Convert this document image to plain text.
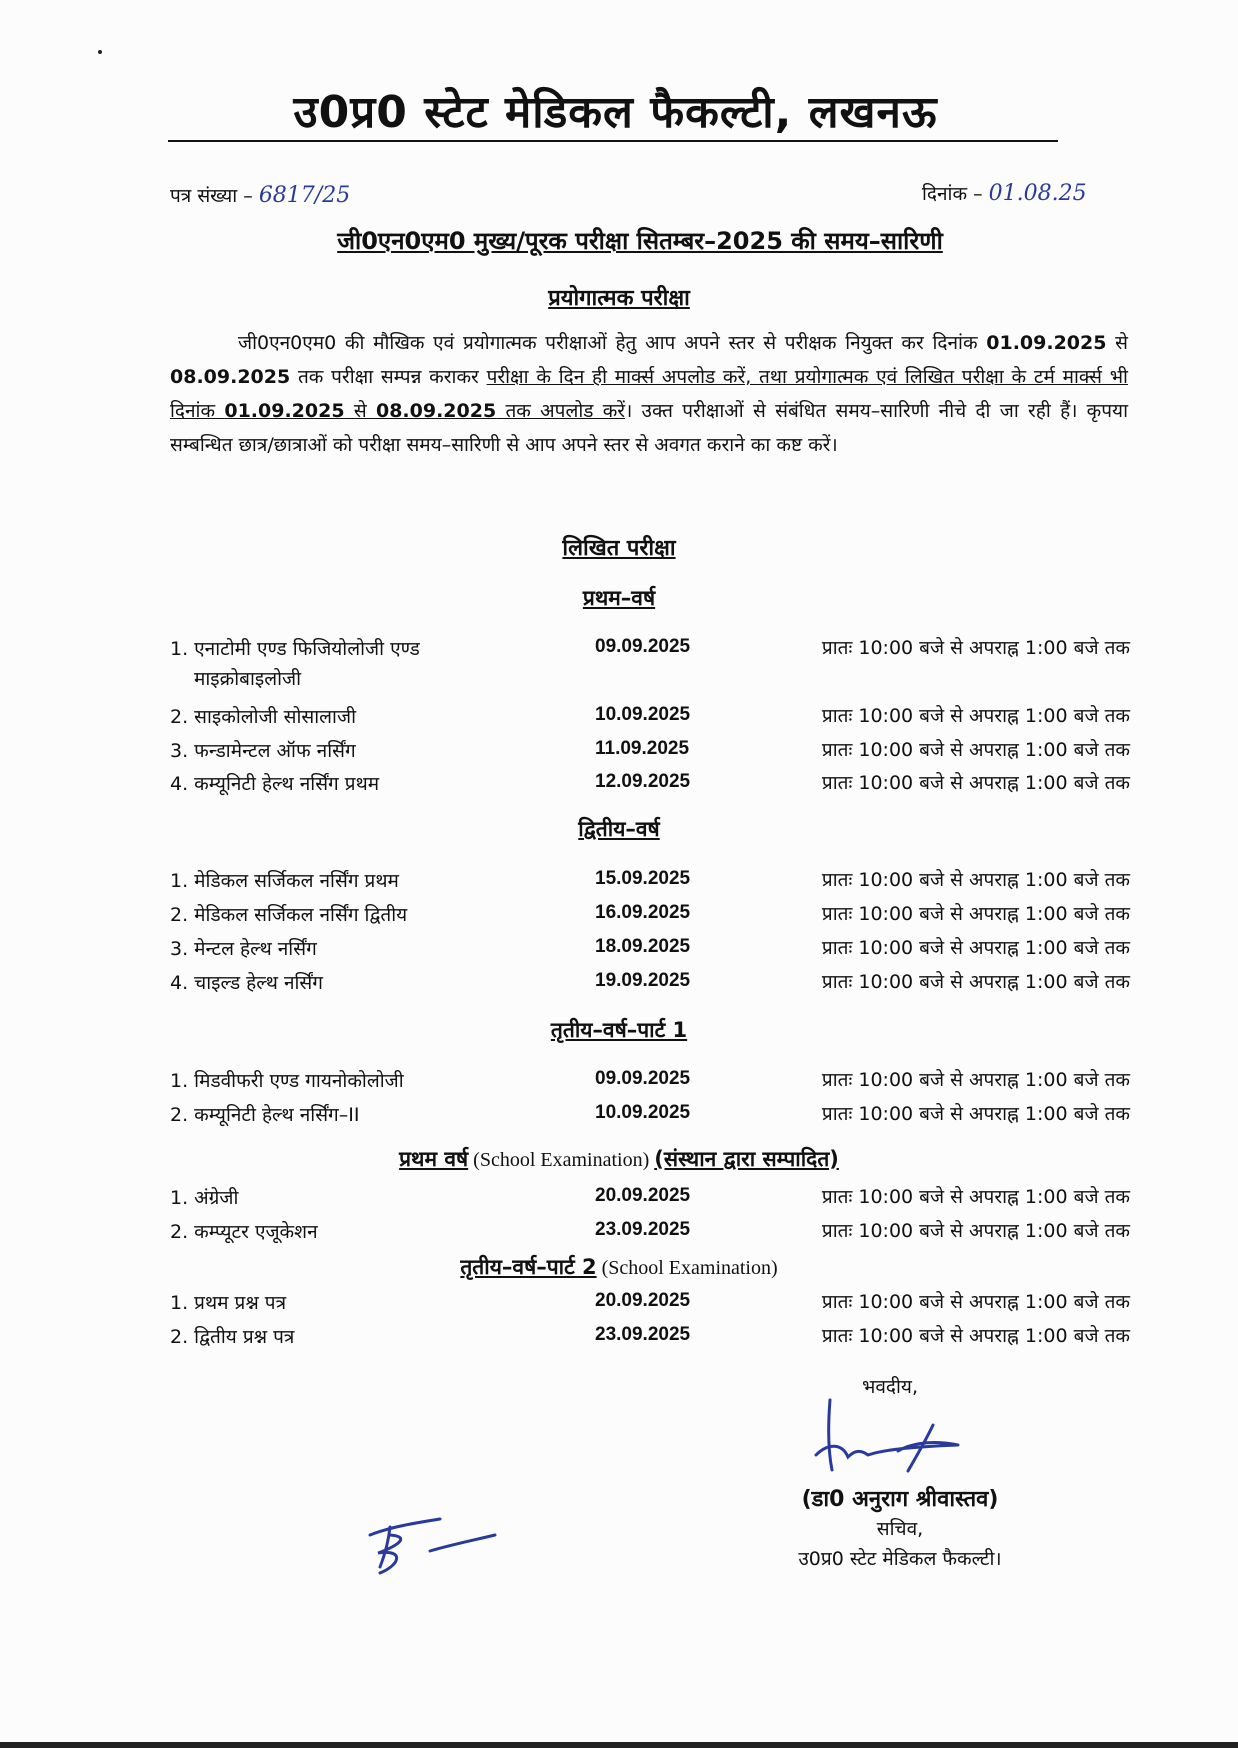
उ0प्र0 स्टेट मेडिकल फैकल्टी, लखनऊ
पत्र संख्या – 6817/25	दिनांक – 01.08.25
जी0एन0एम0 मुख्य/पूरक परीक्षा सितम्बर–2025 की समय–सारिणी
प्रयोगात्मक परीक्षा
जी0एन0एम0 की मौखिक एवं प्रयोगात्मक परीक्षाओं हेतु आप अपने स्तर से परीक्षक नियुक्त कर दिनांक 01.09.2025 से 08.09.2025 तक परीक्षा सम्पन्न कराकर परीक्षा के दिन ही मार्क्स अपलोड करें, तथा प्रयोगात्मक एवं लिखित परीक्षा के टर्म मार्क्स भी दिनांक 01.09.2025 से 08.09.2025 तक अपलोड करें। उक्त परीक्षाओं से संबंधित समय–सारिणी नीचे दी जा रही हैं। कृपया सम्बन्धित छात्र/छात्राओं को परीक्षा समय–सारिणी से आप अपने स्तर से अवगत कराने का कष्ट करें।
लिखित परीक्षा
प्रथम–वर्ष
1. एनाटोमी एण्ड फिजियोलोजी एण्ड
माइक्रोबाइलोजी
09.09.2025	प्रातः 10:00 बजे से अपराह्न 1:00 बजे तक
2. साइकोलोजी सोसालाजी	10.09.2025	प्रातः 10:00 बजे से अपराह्न 1:00 बजे तक
3. फन्डामेन्टल ऑफ नर्सिंग	11.09.2025	प्रातः 10:00 बजे से अपराह्न 1:00 बजे तक
4. कम्यूनिटी हेल्थ नर्सिंग प्रथम	12.09.2025	प्रातः 10:00 बजे से अपराह्न 1:00 बजे तक
द्वितीय–वर्ष
1. मेडिकल सर्जिकल नर्सिंग प्रथम	15.09.2025	प्रातः 10:00 बजे से अपराह्न 1:00 बजे तक
2. मेडिकल सर्जिकल नर्सिंग द्वितीय	16.09.2025	प्रातः 10:00 बजे से अपराह्न 1:00 बजे तक
3. मेन्टल हेल्थ नर्सिंग	18.09.2025	प्रातः 10:00 बजे से अपराह्न 1:00 बजे तक
4. चाइल्ड हेल्थ नर्सिंग	19.09.2025	प्रातः 10:00 बजे से अपराह्न 1:00 बजे तक
तृतीय–वर्ष–पार्ट 1
1. मिडवीफरी एण्ड गायनोकोलोजी	09.09.2025	प्रातः 10:00 बजे से अपराह्न 1:00 बजे तक
2. कम्यूनिटी हेल्थ नर्सिंग–II	10.09.2025	प्रातः 10:00 बजे से अपराह्न 1:00 बजे तक
प्रथम वर्ष (School Examination) (संस्थान द्वारा सम्पादित)
1. अंग्रेजी	20.09.2025	प्रातः 10:00 बजे से अपराह्न 1:00 बजे तक
2. कम्प्यूटर एजूकेशन	23.09.2025	प्रातः 10:00 बजे से अपराह्न 1:00 बजे तक
तृतीय–वर्ष–पार्ट 2 (School Examination)
1. प्रथम प्रश्न पत्र	20.09.2025	प्रातः 10:00 बजे से अपराह्न 1:00 बजे तक
2. द्वितीय प्रश्न पत्र	23.09.2025	प्रातः 10:00 बजे से अपराह्न 1:00 बजे तक
भवदीय,
(डा0 अनुराग श्रीवास्तव)
सचिव,
उ0प्र0 स्टेट मेडिकल फैकल्टी।
